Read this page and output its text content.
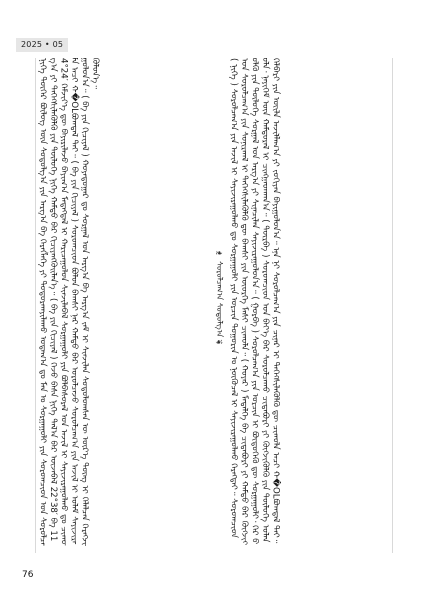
2025 • 05
ᠨᠢᠭᠡ ᠳᠦᠭᠡᠷ ᠪᠦᠯᠦᠭ ᠦᠨ ᠰᠤᠳᠤᠯᠭ᠎ᠠ ᠶᠢᠨ ᠠᠷᠭ᠎ᠠ ᠪᠠ ᠬᠡᠷᠡᠭᠯᠡᠭᠡ ᠶᠢ ᠲᠣᠳᠣᠷᠬᠠᠶᠢᠯᠠᠬᠤ ᠤᠳᠠᠭ᠎ᠠ ᠳᠤ ᠮᠠᠨ ᠤ ᠰᠤᠷᠭᠠᠭᠤᠯᠢ ᠶᠢᠨ ᠰᠤᠷᠤᠭᠴᠢᠳ ᠤᠨ ᠰᠤᠷᠤᠯᠴᠠᠭ᠎ᠠ ᠶᠢ ᠳᠡᠭᠡᠭᠰᠢᠯᠡᠭᠦᠯᠬᠦ ᠶᠢᠨ ᠲᠥᠯᠦᠭᠡ ᠨᠢᠭᠡ ᠬᠠᠮᠲᠤ ᠪᠡᠷ ᠬᠢᠴᠢᠶᠡᠩᠭᠦᠢᠯᠡᠨ᠎ᠡ᠃ ( ᠪᠠ ᠶᠢᠨ ᠬᠢᠴᠢᠶᠡᠯ ) ᠭᠡᠵᠦ ᠪᠠᠰᠠ ᠨᠢᠭᠡ ᠲᠠᠯ᠎ᠠ ᠪᠡᠷ ᠦᠵᠡᠪᠡᠯ 22°38′ ᠪᠠ 114°24′ ᠬᠡᠮᠵᠢᠶ᠎ᠡ ᠳᠦ ᠪᠠᠶᠢᠷᠢᠯᠠᠵᠤ ᠪᠠᠶᠢᠭ᠎ᠠ ᠮᠡᠳᠡᠭᠳᠡᠯ ᠢ ᠬᠠᠷᠢᠴᠠᠭᠤᠯᠤᠨ ᠰᠢᠨᠵᠢᠯᠡᠪᠡᠯ ᠰᠤᠷᠭᠠᠭᠤᠯᠢ ᠶᠢᠨ ᠪᠣᠯᠪᠠᠰᠤᠷᠠᠯ ᠤᠨ ᠠᠵᠢᠯ ᠢ ᠰᠠᠶᠢᠵᠢᠷᠠᠭᠤᠯᠬᠤ ᠳᠤ ᠴᠢᠬᠤᠯᠠ ᠠᠴᠢ ᠬ�OLᠪᠣᠭᠳᠠᠯ ᠲᠠᠢ᠃ ( ᠪᠠ ᠶᠢᠨ ᠬᠢᠴᠢᠶᠡᠯ ) ᠰᠤᠷᠤᠭᠴᠢᠳ ᠪᠣᠯᠤᠨ ᠪᠠᠭᠰᠢ ᠨᠠᠷ ᠬᠠᠮᠲᠤ ᠪᠡᠷ ᠣᠷᠤᠯᠴᠠᠵᠤ ᠰᠤᠷᠤᠯᠴᠠᠭ᠎ᠠ ᠶᠢᠨ ᠠᠵᠢᠯ ᠢ ᠤᠯᠠᠮ ᠰᠠᠶᠢᠵᠢᠷᠠᠭᠤᠯᠤᠨ᠎ᠠ᠃ ( ᠪᠠ ᠶᠢᠨ ᠬᠢᠴᠢᠶᠡᠯ ) ᠬᠣᠶᠠᠳᠤᠭᠠᠷ ᠳᠤ ᠰᠤᠷᠭᠠᠯ ᠤᠨ ᠠᠷᠭ᠎ᠠ ᠪᠠ ᠠᠷᠭ᠎ᠠ ᠵᠠᠮ ᠢ ᠰᠢᠨᠵᠢᠯᠡᠨ ᠰᠤᠳᠤᠯᠤᠭᠰᠠᠨ ᠦ ᠦᠷ᠎ᠡ ᠳᠦᠩ ᠢ ᠬᠡᠯᠡᠯᠴᠡᠨ ᠬᠡᠷᠡᠭᠵᠢᠭᠦᠯᠦᠨ᠎ᠡ᠃
❧
ᠰᠤᠷᠤᠯᠴᠠᠭ᠎ᠠ ᠰᠤᠳᠤᠯᠭ᠎ᠠ
☙ ( ᠨᠢᠭᠡ ) ᠰᠤᠷᠤᠯᠴᠠᠭ᠎ᠠ ᠶᠢᠨ ᠠᠵᠢᠯ ᠢ ᠰᠠᠶᠢᠵᠢᠷᠠᠭᠤᠯᠬᠤ ᠳᠤ ᠰᠤᠷᠭᠠᠭᠤᠯᠢ ᠶᠢᠨ ᠣᠷᠴᠢᠨ ᠲᠣᠭᠣᠷᠢᠨ ᠤ ᠨᠥᠬᠦᠴᠡᠯ ᠢ ᠰᠠᠶᠢᠵᠢᠷᠠᠭᠤᠯᠬᠤ ᠬᠡᠷᠡᠭᠲᠡᠢ᠃ ᠰᠤᠷᠤᠭᠴᠢᠳ ᠤᠨ ᠰᠤᠷᠤᠯᠴᠠᠭ᠎ᠠ ᠶᠢᠨ ᠰᠣᠨᠢᠷᠬᠠᠯ ᠢ ᠳᠡᠭᠡᠭᠰᠢᠯᠡᠭᠦᠯᠬᠦ ᠳᠦ ᠪᠠᠭᠰᠢ ᠶᠢᠨ ᠦᠦᠷᠭᠡ ᠮᠠᠰᠢ ᠴᠢᠬᠤᠯᠠ᠃ ( ᠬᠣᠶᠠᠷ ) ᠮᠡᠳᠡᠯᠭᠡ ᠪᠠ ᠴᠢᠳᠠᠪᠤᠷᠢ ᠶᠢ ᠬᠠᠮᠲᠤ ᠪᠡᠷ ᠬᠥᠭᠵᠢᠭᠦᠯᠬᠦ ᠶᠢᠨ ᠲᠥᠯᠦᠭᠡ ᠰᠤᠷᠭᠠᠯ ᠤᠨ ᠠᠷᠭ᠎ᠠ ᠶᠢ ᠰᠢᠨᠡᠴᠢᠯᠡᠨ ᠰᠠᠶᠢᠵᠢᠷᠠᠭᠤᠯᠤᠨ᠎ᠠ᠃ ( ᠭᠤᠷᠪᠠ ) ᠰᠤᠷᠤᠯᠴᠠᠭ᠎ᠠ ᠶᠢᠨ ᠣᠷᠴᠢᠨ ᠢ ᠪᠦᠲᠦᠭᠡᠬᠦ ᠳᠦ ᠰᠤᠷᠭᠠᠭᠤᠯᠢ᠂ ᠭᠡᠷ ᠪᠦᠯᠡ᠂ ᠨᠡᠶᠢᠭᠡᠮ ᠦᠨ ᠬᠠᠮᠲᠤᠷᠠᠯ ᠢ ᠴᠢᠩᠭᠠᠳᠬᠠᠨ᠎ᠠ᠃ ( ᠳᠥᠷᠪᠡ ) ᠰᠤᠷᠤᠭᠴᠢᠳ ᠤᠨ ᠪᠡᠶ᠎ᠡ ᠪᠡᠷ ᠰᠤᠷᠤᠯᠴᠠᠬᠤ ᠴᠢᠳᠠᠪᠤᠷᠢ ᠶᠢ ᠬᠥᠭᠵᠢᠭᠦᠯᠬᠦ ᠶᠢᠨ ᠲᠥᠯᠦᠭᠡ ᠣᠯᠠᠨ ᠬᠡᠯᠪᠡᠷᠢ ᠶᠢᠨ ᠦᠢᠯᠡ ᠠᠵᠢᠯᠯᠠᠭ᠎ᠠ ᠶᠢ ᠵᠣᠬᠢᠶᠠᠨ ᠪᠠᠶᠢᠭᠤᠯᠤᠨ᠎ᠠ᠃ ᠡᠨᠡ ᠨᠢ ᠰᠤᠷᠤᠯᠴᠠᠭ᠎ᠠ ᠶᠢᠨ ᠴᠢᠨᠠᠷ ᠢ ᠳᠡᠭᠡᠭᠰᠢᠯᠡᠭᠦᠯᠬᠦ ᠳᠦ ᠴᠢᠬᠤᠯᠠ ᠠᠴᠢ ᠬ�OLᠪᠣᠭᠳᠠᠯ ᠲᠠᠢ᠃
76
